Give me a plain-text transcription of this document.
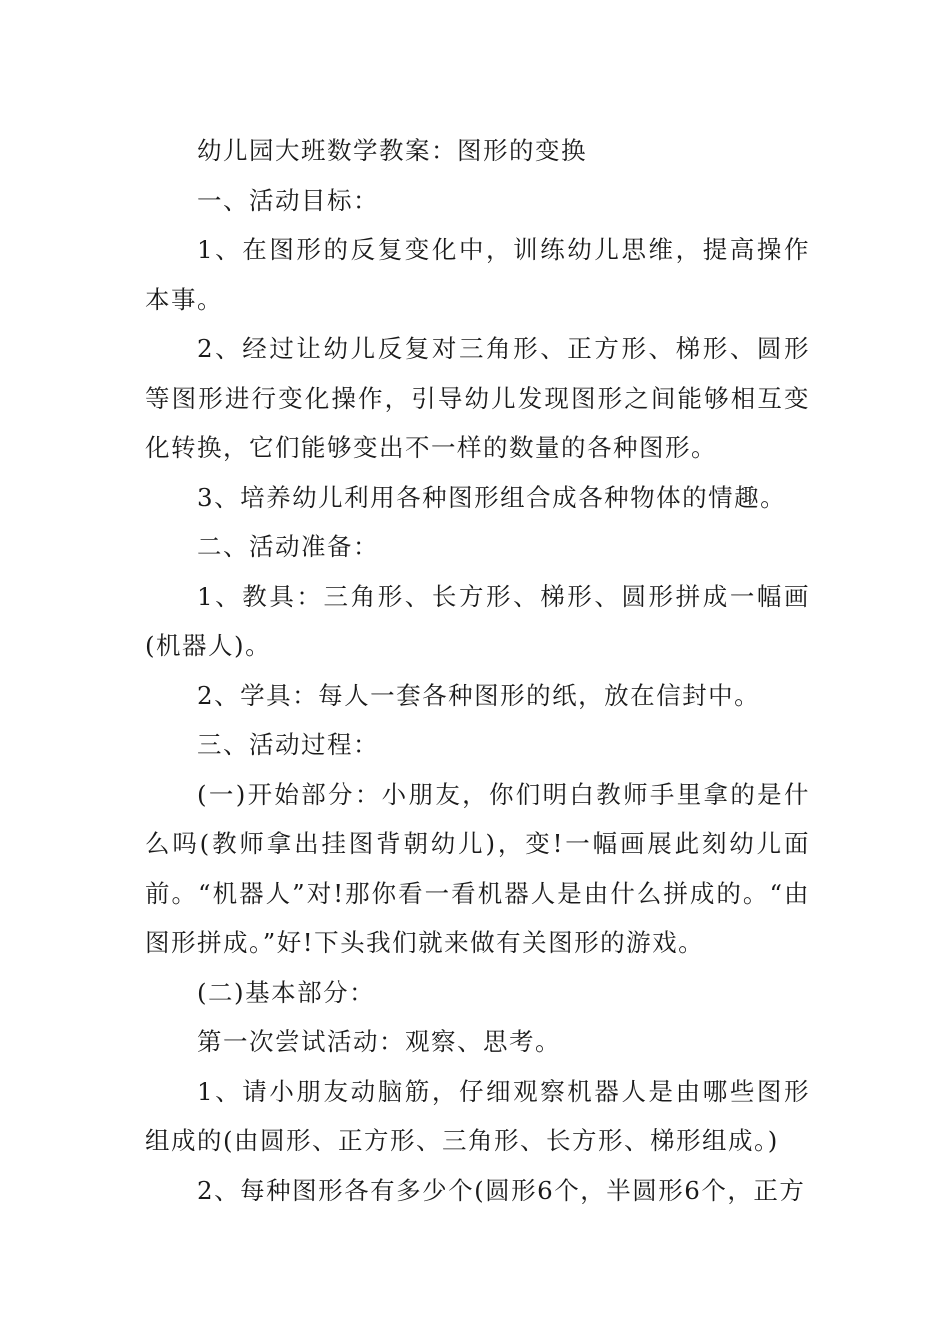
幼儿园大班数学教案：图形的变换

一、活动目标：

1、在图形的反复变化中，训练幼儿思维，提高操作本事。

2、经过让幼儿反复对三角形、正方形、梯形、圆形等图形进行变化操作，引导幼儿发现图形之间能够相互变化转换，它们能够变出不一样的数量的各种图形。

3、培养幼儿利用各种图形组合成各种物体的情趣。

二、活动准备：

1、教具：三角形、长方形、梯形、圆形拼成一幅画(机器人)。

2、学具：每人一套各种图形的纸，放在信封中。

三、活动过程：

(一)开始部分：小朋友，你们明白教师手里拿的是什么吗(教师拿出挂图背朝幼儿)，变!一幅画展此刻幼儿面前。“机器人”对!那你看一看机器人是由什么拼成的。“由图形拼成。”好!下头我们就来做有关图形的游戏。

(二)基本部分：

第一次尝试活动：观察、思考。

1、请小朋友动脑筋，仔细观察机器人是由哪些图形组成的(由圆形、正方形、三角形、长方形、梯形组成。)

2、每种图形各有多少个(圆形6个，半圆形6个，正方
